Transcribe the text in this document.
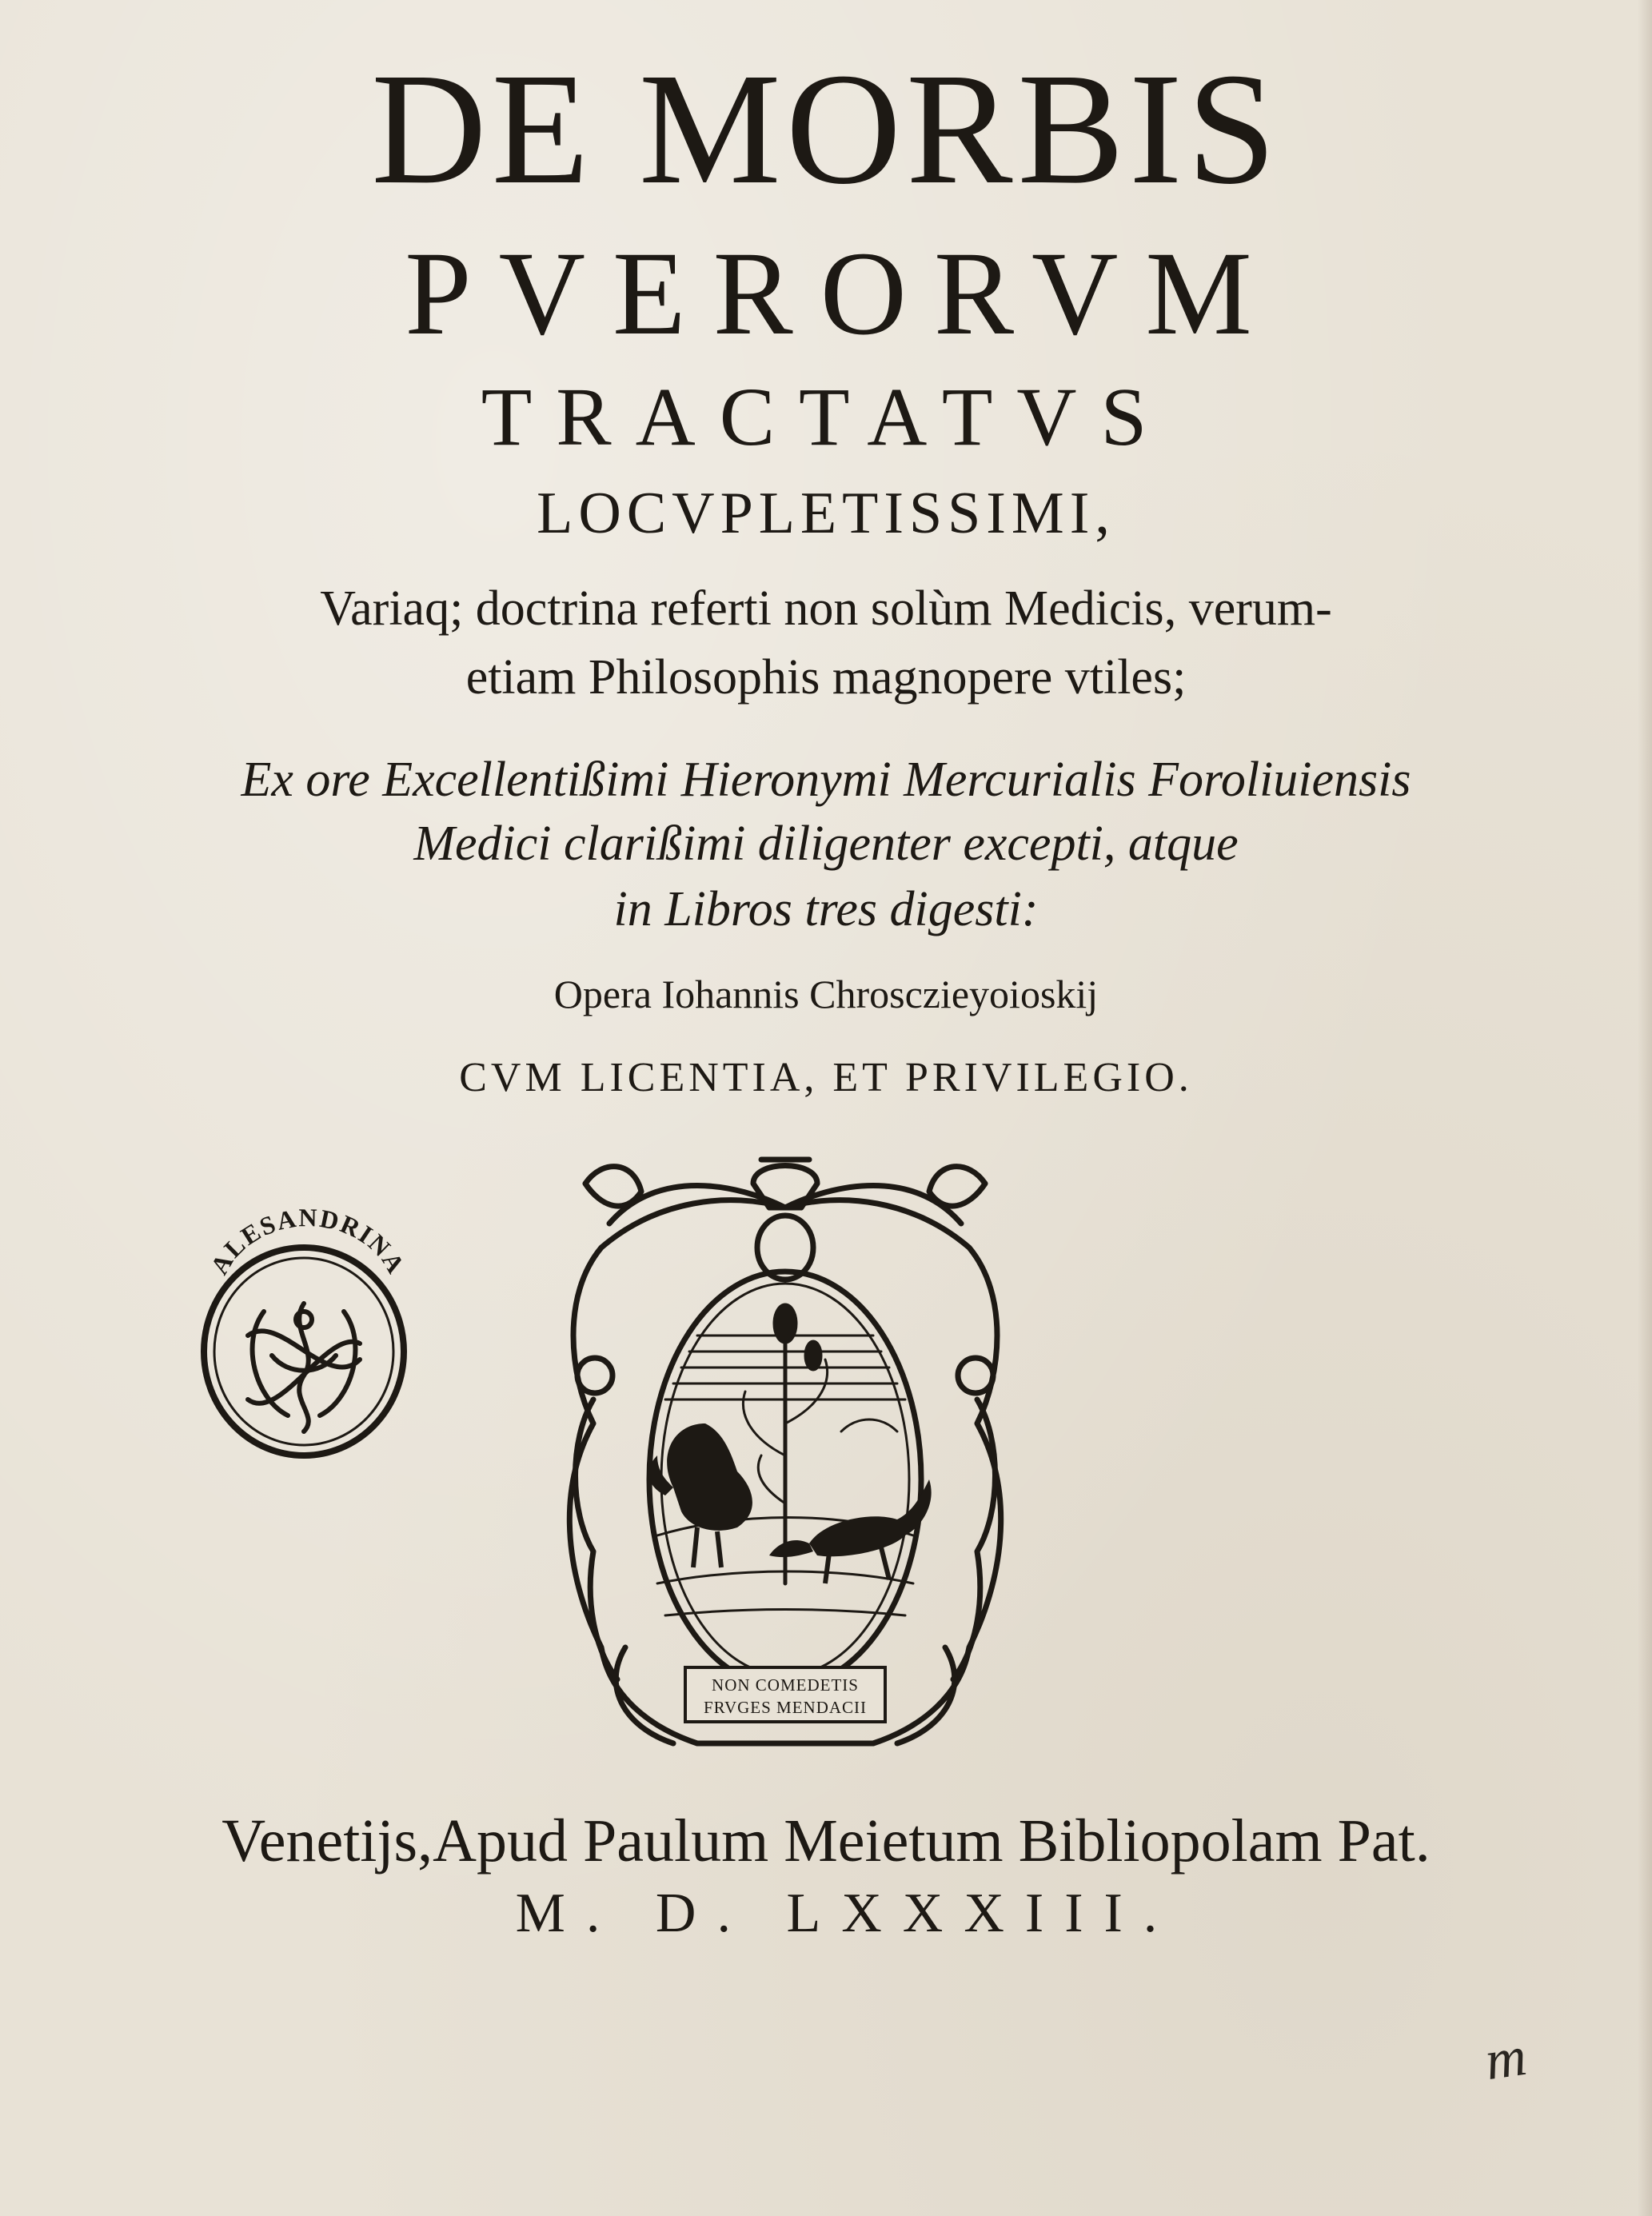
DE MORBIS
PVERORVM
TRACTATVS
LOCVPLETISSIMI,
Variaq; doctrina referti non solùm Medicis, verum-
etiam Philosophis magnopere vtiles;
Ex ore Excellentißimi Hieronymi Mercurialis Foroliuiensis
Medici clarißimi diligenter excepti, atque
in Libros tres digesti:
Opera Iohannis Chrosczieyoioskij
CVM LICENTIA, ET PRIVILEGIO.
ALESANDRINA
NON COMEDETIS
FRVGES MENDACII
Venetijs,Apud Paulum Meietum Bibliopolam Pat.
M. D. LXXXIII.
m
